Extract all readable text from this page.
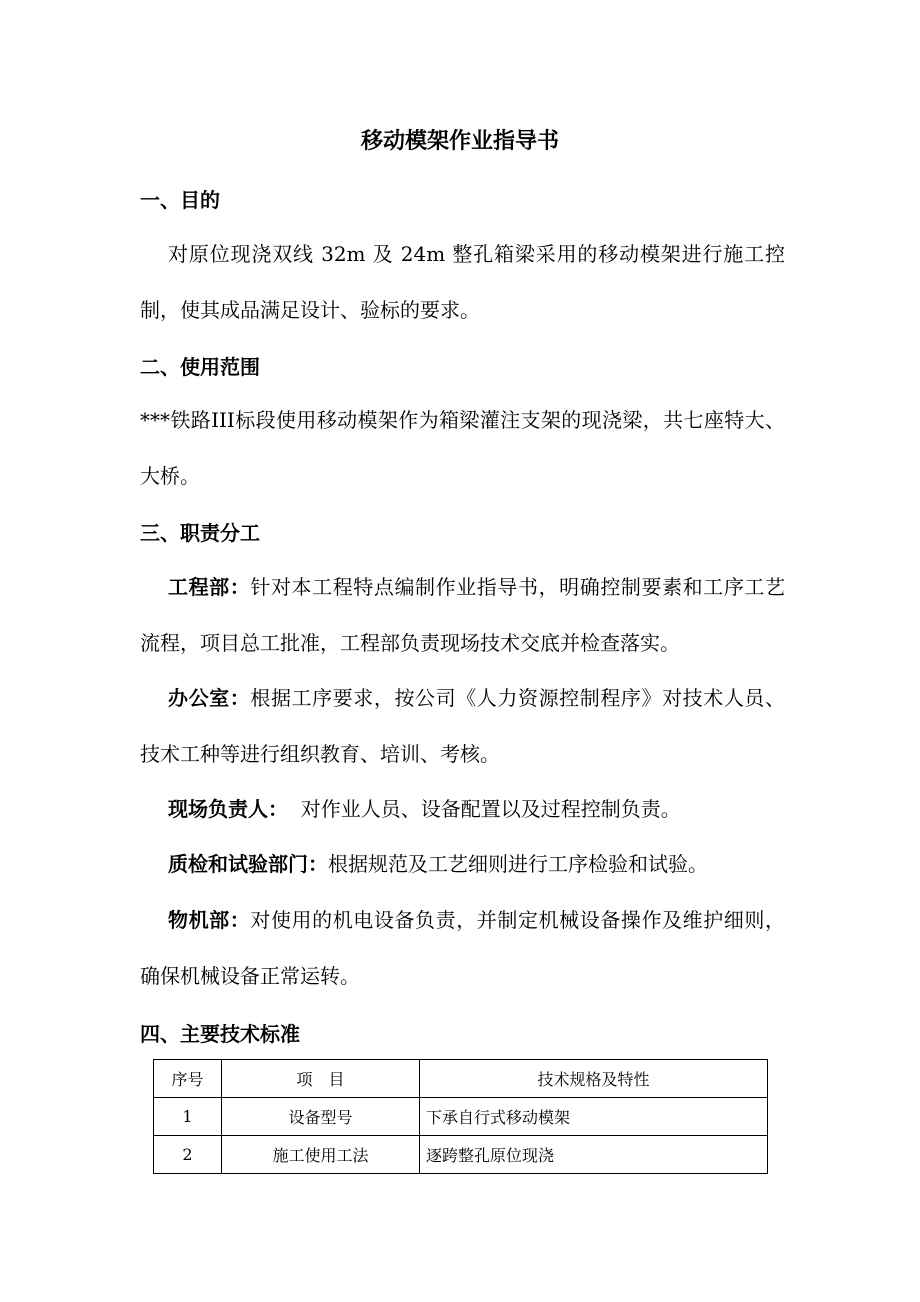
移动模架作业指导书
一、目的
对原位现浇双线 32m 及 24m 整孔箱梁采用的移动模架进行施工控制，使其成品满足设计、验标的要求。
二、使用范围
***铁路III标段使用移动模架作为箱梁灌注支架的现浇梁，共七座特大、大桥。
三、职责分工
工程部：针对本工程特点编制作业指导书，明确控制要素和工序工艺流程，项目总工批准，工程部负责现场技术交底并检查落实。
办公室：根据工序要求，按公司《人力资源控制程序》对技术人员、技术工种等进行组织教育、培训、考核。
现场负责人：  对作业人员、设备配置以及过程控制负责。
质检和试验部门：根据规范及工艺细则进行工序检验和试验。
物机部：对使用的机电设备负责，并制定机械设备操作及维护细则，确保机械设备正常运转。
四、主要技术标准
序号	项　目	技术规格及特性
1	设备型号	下承自行式移动模架
2	施工使用工法	逐跨整孔原位现浇
